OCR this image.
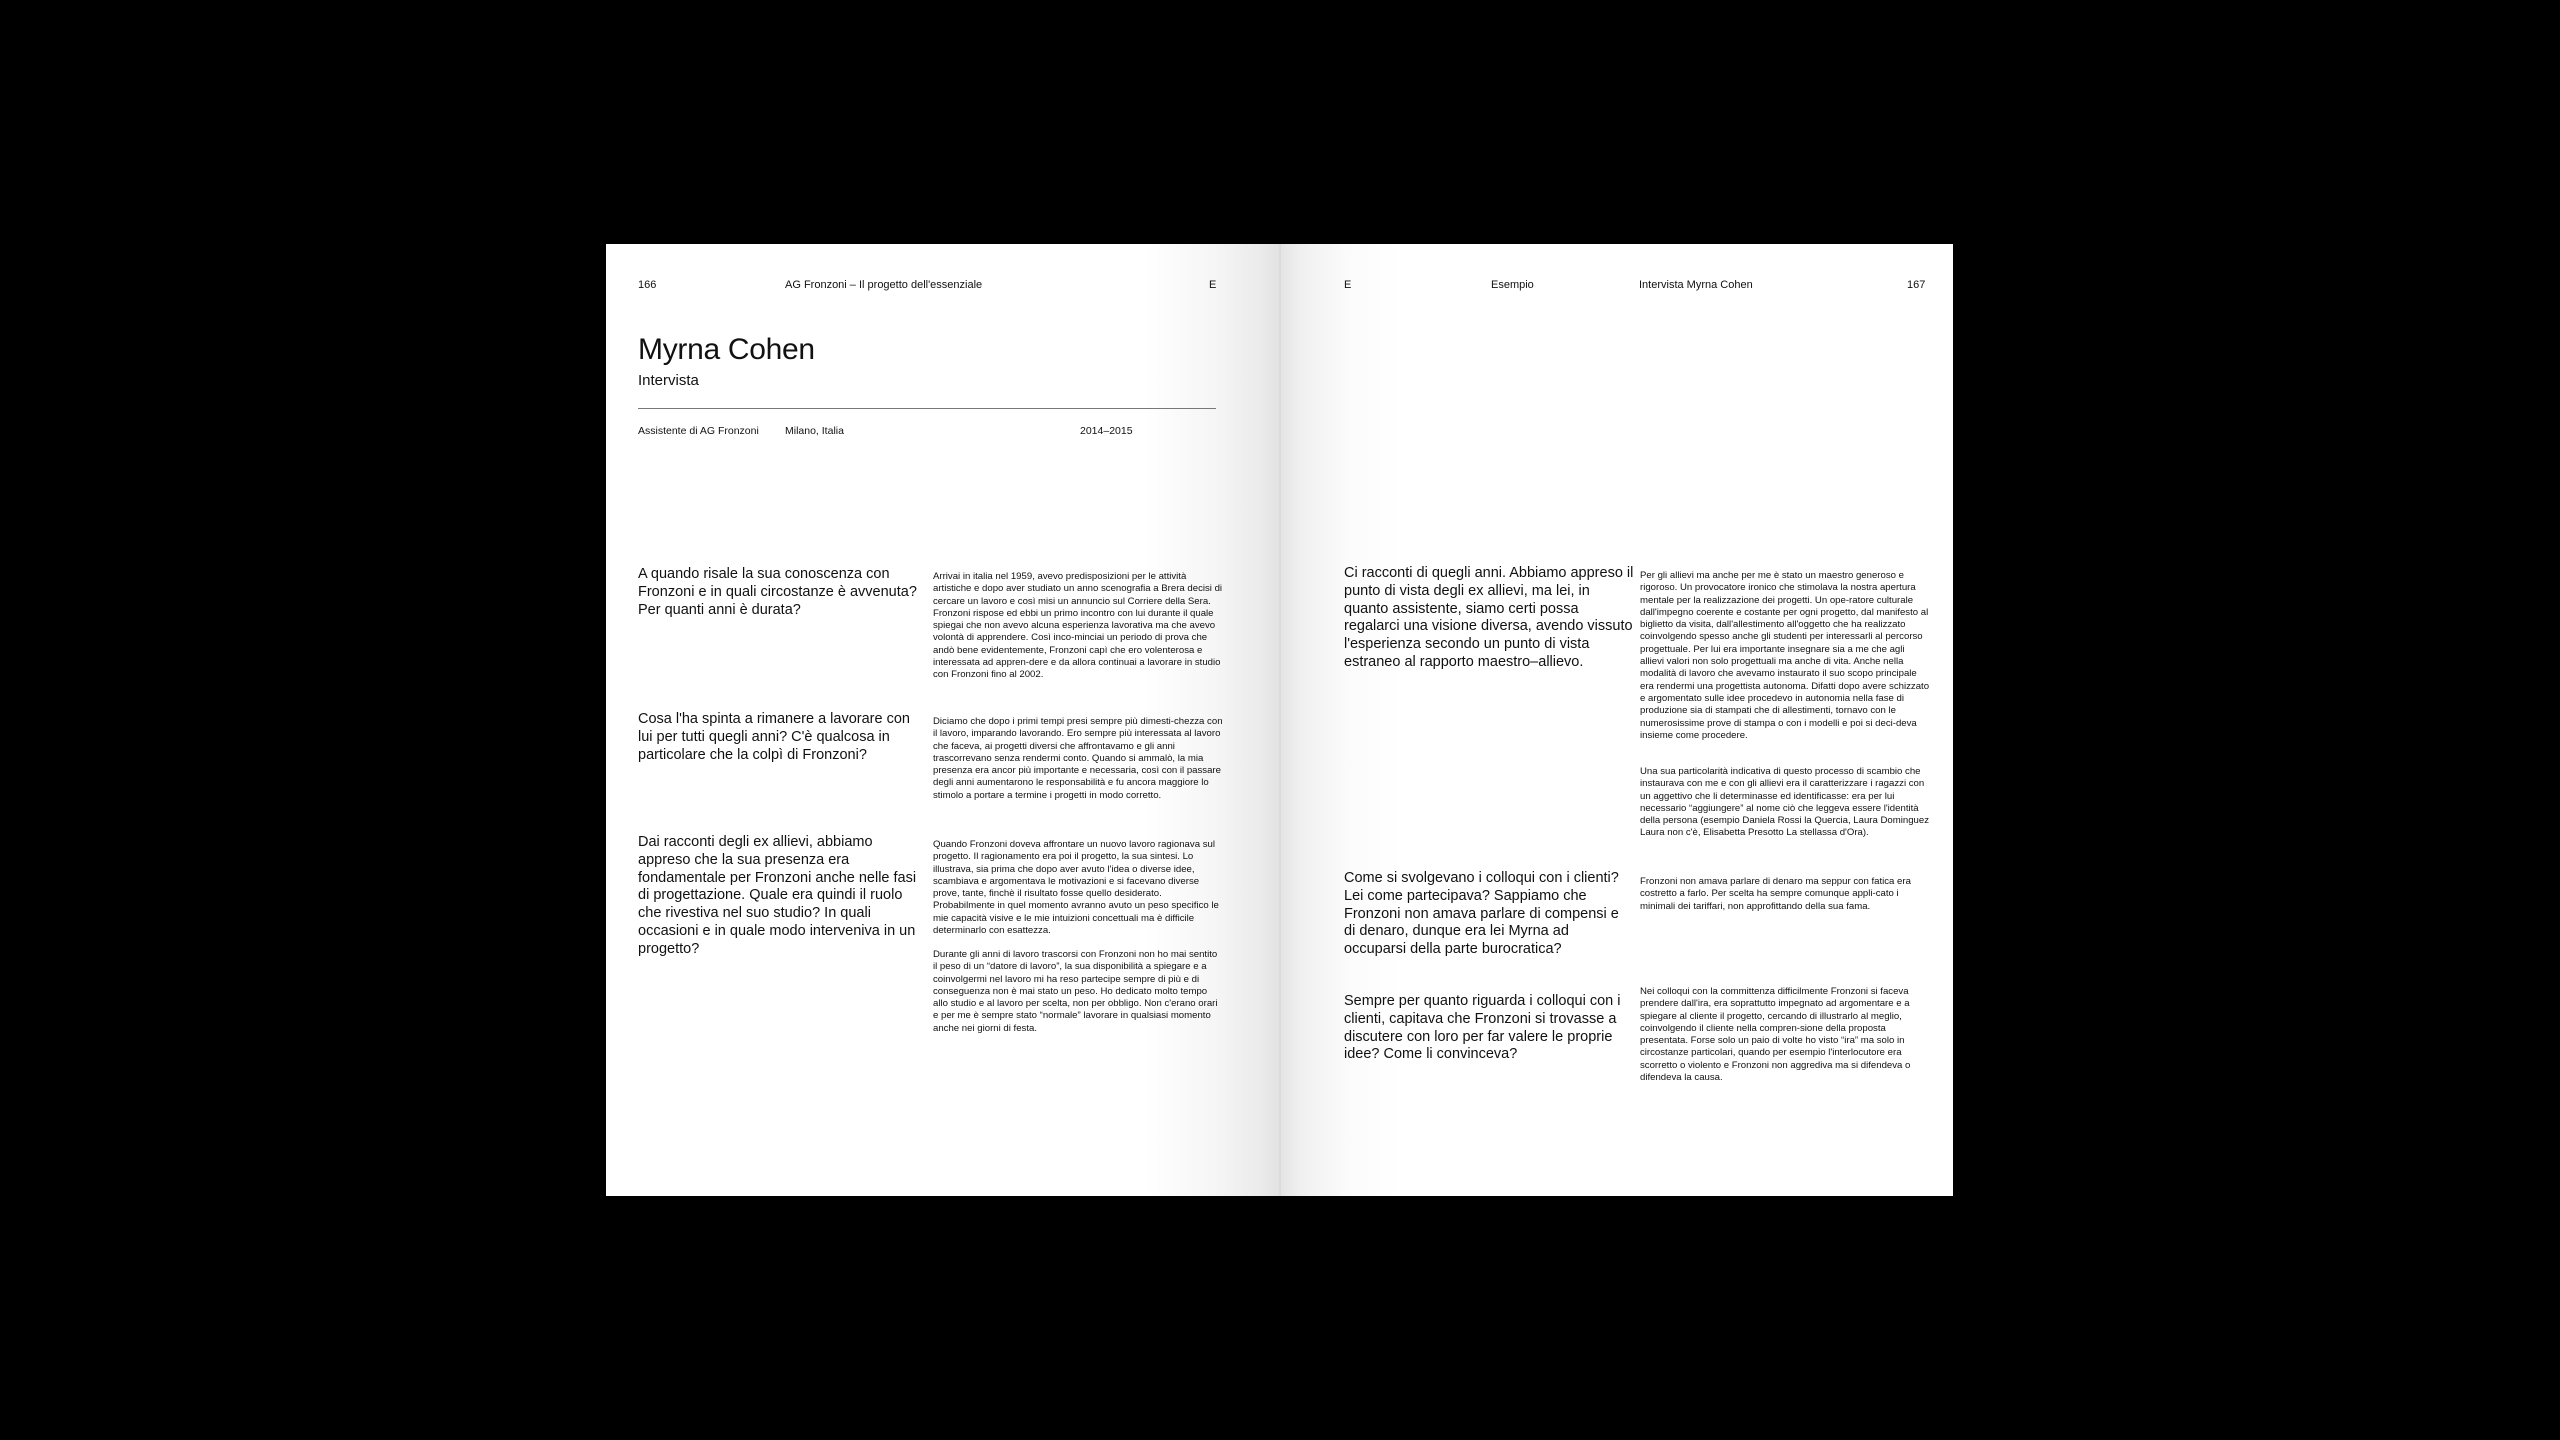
166	AG Fronzoni – Il progetto dell'essenziale	E
Myrna Cohen
Intervista
Assistente di AG Fronzoni Milano, Italia	2014–2015
A quando risale la sua conoscenza con Fronzoni e in quali circostanze è avvenuta? Per quanti anni è durata?

Arrivai in italia nel 1959, avevo predisposizioni per le attività artistiche e dopo aver studiato un anno scenografia a Brera decisi di cercare un lavoro e così misi un annuncio sul Corriere della Sera. Fronzoni rispose ed ebbi un primo incontro con lui durante il quale spiegai che non avevo alcuna esperienza lavorativa ma che avevo volontà di apprendere. Così inco-minciai un periodo di prova che andò bene evidentemente, Fronzoni capì che ero volenterosa e interessata ad appren-dere e da allora continuai a lavorare in studio con Fronzoni fino al 2002.

Cosa l'ha spinta a rimanere a lavorare con lui per tutti quegli anni? C'è qualcosa in particolare che la colpì di Fronzoni?

Diciamo che dopo i primi tempi presi sempre più dimesti-chezza con il lavoro, imparando lavorando. Ero sempre più interessata al lavoro che faceva, ai progetti diversi che affrontavamo e gli anni trascorrevano senza rendermi conto. Quando si ammalò, la mia presenza era ancor più importante e necessaria, così con il passare degli anni aumentarono le responsabilità e fu ancora maggiore lo stimolo a portare a termine i progetti in modo corretto.

Dai racconti degli ex allievi, abbiamo appreso che la sua presenza era fondamentale per Fronzoni anche nelle fasi di progettazione. Quale era quindi il ruolo che rivestiva nel suo studio? In quali occasioni e in quale modo interveniva in un progetto?

Quando Fronzoni doveva affrontare un nuovo lavoro ragionava sul progetto. Il ragionamento era poi il progetto, la sua sintesi. Lo illustrava, sia prima che dopo aver avuto l'idea o diverse idee, scambiava e argomentava le motivazioni e si facevano diverse prove, tante, finchè il risultato fosse quello desiderato. Probabilmente in quel momento avranno avuto un peso specifico le mie capacità visive e le mie intuizioni concettuali ma è difficile determinarlo con esattezza.

Durante gli anni di lavoro trascorsi con Fronzoni non ho mai sentito il peso di un “datore di lavoro”, la sua disponibilità a spiegare e a coinvolgermi nel lavoro mi ha reso partecipe sempre di più e di conseguenza non è mai stato un peso. Ho dedicato molto tempo allo studio e al lavoro per scelta, non per obbligo. Non c'erano orari e per me è sempre stato “normale” lavorare in qualsiasi momento anche nei giorni di festa.

E	Esempio	Intervista Myrna Cohen	167
Ci racconti di quegli anni. Abbiamo appreso il punto di vista degli ex allievi, ma lei, in quanto assistente, siamo certi possa regalarci una visione diversa, avendo vissuto l'esperienza secondo un punto di vista estraneo al rapporto maestro–allievo.

Per gli allievi ma anche per me è stato un maestro generoso e rigoroso. Un provocatore ironico che stimolava la nostra apertura mentale per la realizzazione dei progetti. Un ope-ratore culturale dall'impegno coerente e costante per ogni progetto, dal manifesto al biglietto da visita, dall'allestimento all'oggetto che ha realizzato coinvolgendo spesso anche gli studenti per interessarli al percorso progettuale. Per lui era importante insegnare sia a me che agli allievi valori non solo progettuali ma anche di vita. Anche nella modalità di lavoro che avevamo instaurato il suo scopo principale era rendermi una progettista autonoma. Difatti dopo avere schizzato e argomentato sulle idee procedevo in autonomia nella fase di produzione sia di stampati che di allestimenti, tornavo con le numerosissime prove di stampa o con i modelli e poi si deci-deva insieme come procedere.

Una sua particolarità indicativa di questo processo di scambio che instaurava con me e con gli allievi era il caratterizzare i ragazzi con un aggettivo che li determinasse ed identificasse: era per lui necessario “aggiungere” al nome ciò che leggeva essere l'identità della persona (esempio Daniela Rossi la Quercia, Laura Dominguez Laura non c'è, Elisabetta Presotto La stellassa d'Ora).

Come si svolgevano i colloqui con i clienti? Lei come partecipava? Sappiamo che Fronzoni non amava parlare di compensi e di denaro, dunque era lei Myrna ad occuparsi della parte burocratica?

Fronzoni non amava parlare di denaro ma seppur con fatica era costretto a farlo. Per scelta ha sempre comunque appli-cato i minimali dei tariffari, non approfittando della sua fama.

Sempre per quanto riguarda i colloqui con i clienti, capitava che Fronzoni si trovasse a discutere con loro per far valere le proprie idee? Come li convinceva?

Nei colloqui con la committenza difficilmente Fronzoni si faceva prendere dall'ira, era soprattutto impegnato ad argomentare e a spiegare al cliente il progetto, cercando di illustrarlo al meglio, coinvolgendo il cliente nella compren-sione della proposta presentata. Forse solo un paio di volte ho visto “ira” ma solo in circostanze particolari, quando per esempio l'interlocutore era scorretto o violento e Fronzoni non aggrediva ma si difendeva o difendeva la causa.
